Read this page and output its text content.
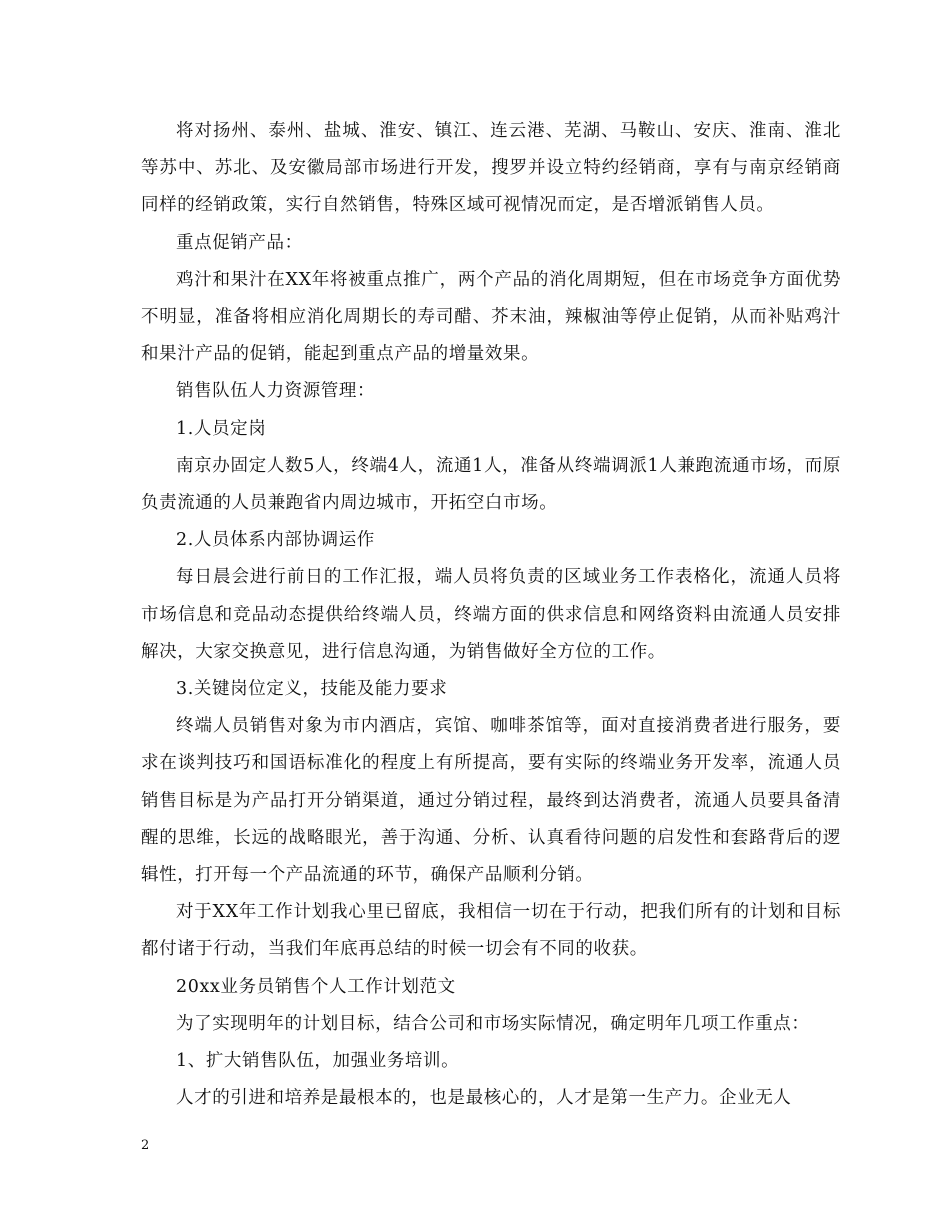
将对扬州、泰州、盐城、淮安、镇江、连云港、芜湖、马鞍山、安庆、淮南、淮北等苏中、苏北、及安徽局部市场进行开发，搜罗并设立特约经销商，享有与南京经销商同样的经销政策，实行自然销售，特殊区域可视情况而定，是否增派销售人员。

重点促销产品：

鸡汁和果汁在XX年将被重点推广，两个产品的消化周期短，但在市场竞争方面优势不明显，准备将相应消化周期长的寿司醋、芥末油，辣椒油等停止促销，从而补贴鸡汁和果汁产品的促销，能起到重点产品的增量效果。

销售队伍人力资源管理：

1.人员定岗

南京办固定人数5人，终端4人，流通1人，准备从终端调派1人兼跑流通市场，而原负责流通的人员兼跑省内周边城市，开拓空白市场。

2.人员体系内部协调运作

每日晨会进行前日的工作汇报，端人员将负责的区域业务工作表格化，流通人员将市场信息和竞品动态提供给终端人员，终端方面的供求信息和网络资料由流通人员安排解决，大家交换意见，进行信息沟通，为销售做好全方位的工作。

3.关键岗位定义，技能及能力要求

终端人员销售对象为市内酒店，宾馆、咖啡茶馆等，面对直接消费者进行服务，要求在谈判技巧和国语标准化的程度上有所提高，要有实际的终端业务开发率，流通人员销售目标是为产品打开分销渠道，通过分销过程，最终到达消费者，流通人员要具备清醒的思维，长远的战略眼光，善于沟通、分析、认真看待问题的启发性和套路背后的逻辑性，打开每一个产品流通的环节，确保产品顺利分销。

对于XX年工作计划我心里已留底，我相信一切在于行动，把我们所有的计划和目标都付诸于行动，当我们年底再总结的时候一切会有不同的收获。

20xx业务员销售个人工作计划范文

为了实现明年的计划目标，结合公司和市场实际情况，确定明年几项工作重点：

1、扩大销售队伍，加强业务培训。

人才的引进和培养是最根本的，也是最核心的，人才是第一生产力。企业无人

2
